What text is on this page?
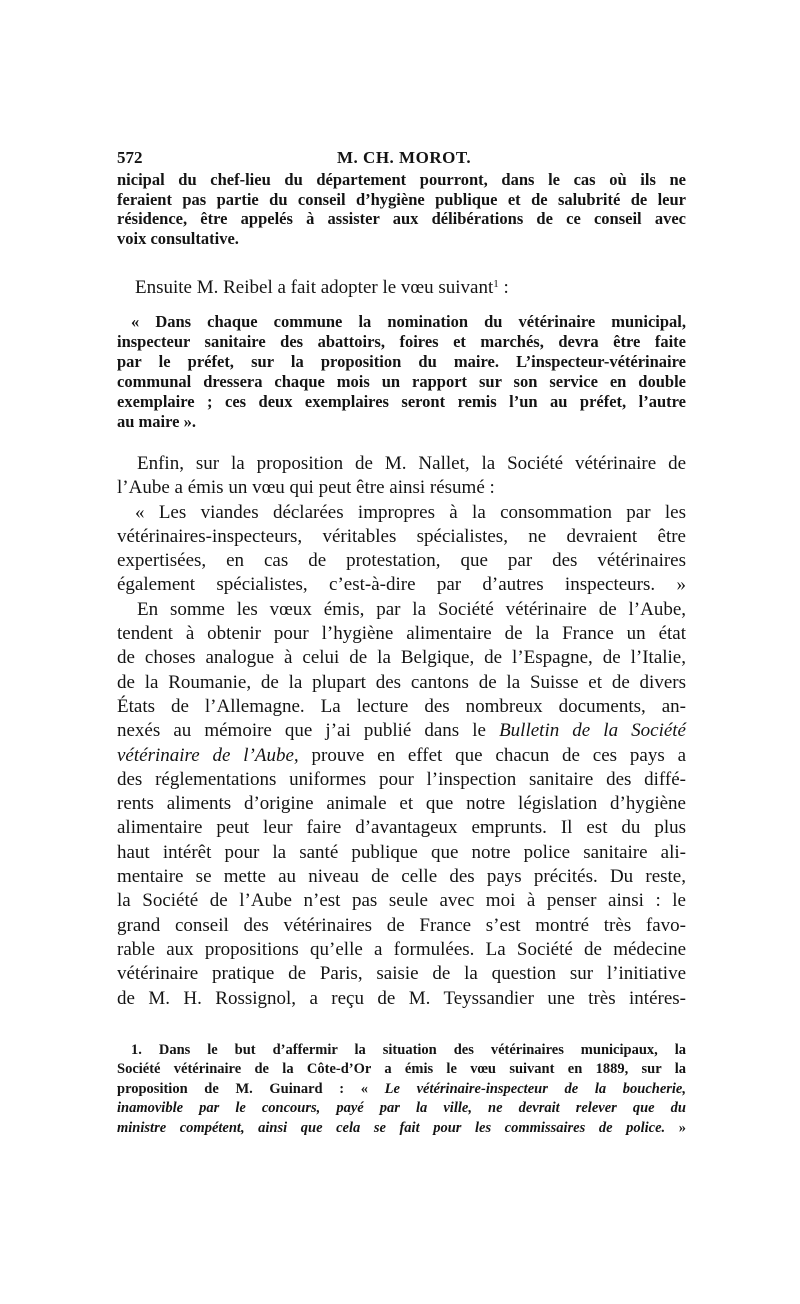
572	M. CH. MOROT.
nicipal du chef-lieu du département pourront, dans le cas où ils ne
feraient pas partie du conseil d’hygiène publique et de salubrité de leur
résidence, être appelés à assister aux délibérations de ce conseil avec
voix consultative.
Ensuite M. Reibel a fait adopter le vœu suivant$^1$ :
« Dans chaque commune la nomination du vétérinaire municipal,
inspecteur sanitaire des abattoirs, foires et marchés, devra être faite
par le préfet, sur la proposition du maire. L’inspecteur-vétérinaire
communal dressera chaque mois un rapport sur son service en double
exemplaire ; ces deux exemplaires seront remis l’un au préfet, l’autre
au maire ».
Enfin, sur la proposition de M. Nallet, la Société vétérinaire de
l’Aube a émis un vœu qui peut être ainsi résumé :
« Les viandes déclarées impropres à la consommation par les
vétérinaires-inspecteurs, véritables spécialistes, ne devraient être
expertisées, en cas de protestation, que par des vétérinaires
également spécialistes, c’est-à-dire par d’autres inspecteurs. »
En somme les vœux émis, par la Société vétérinaire de l’Aube,
tendent à obtenir pour l’hygiène alimentaire de la France un état
de choses analogue à celui de la Belgique, de l’Espagne, de l’Italie,
de la Roumanie, de la plupart des cantons de la Suisse et de divers
États de l’Allemagne. La lecture des nombreux documents, an-
nexés au mémoire que j’ai publié dans le Bulletin de la Société
vétérinaire de l’Aube, prouve en effet que chacun de ces pays a
des réglementations uniformes pour l’inspection sanitaire des diffé-
rents aliments d’origine animale et que notre législation d’hygiène
alimentaire peut leur faire d’avantageux emprunts. Il est du plus
haut intérêt pour la santé publique que notre police sanitaire ali-
mentaire se mette au niveau de celle des pays précités. Du reste,
la Société de l’Aube n’est pas seule avec moi à penser ainsi : le
grand conseil des vétérinaires de France s’est montré très favo-
rable aux propositions qu’elle a formulées. La Société de médecine
vétérinaire pratique de Paris, saisie de la question sur l’initiative
de M. H. Rossignol, a reçu de M. Teyssandier une très intéres-
1. Dans le but d’affermir la situation des vétérinaires municipaux, la
Société vétérinaire de la Côte-d’Or a émis le vœu suivant en 1889, sur la
proposition de M. Guinard : « Le vétérinaire-inspecteur de la boucherie,
inamovible par le concours, payé par la ville, ne devrait relever que du
ministre compétent, ainsi que cela se fait pour les commissaires de police. »
